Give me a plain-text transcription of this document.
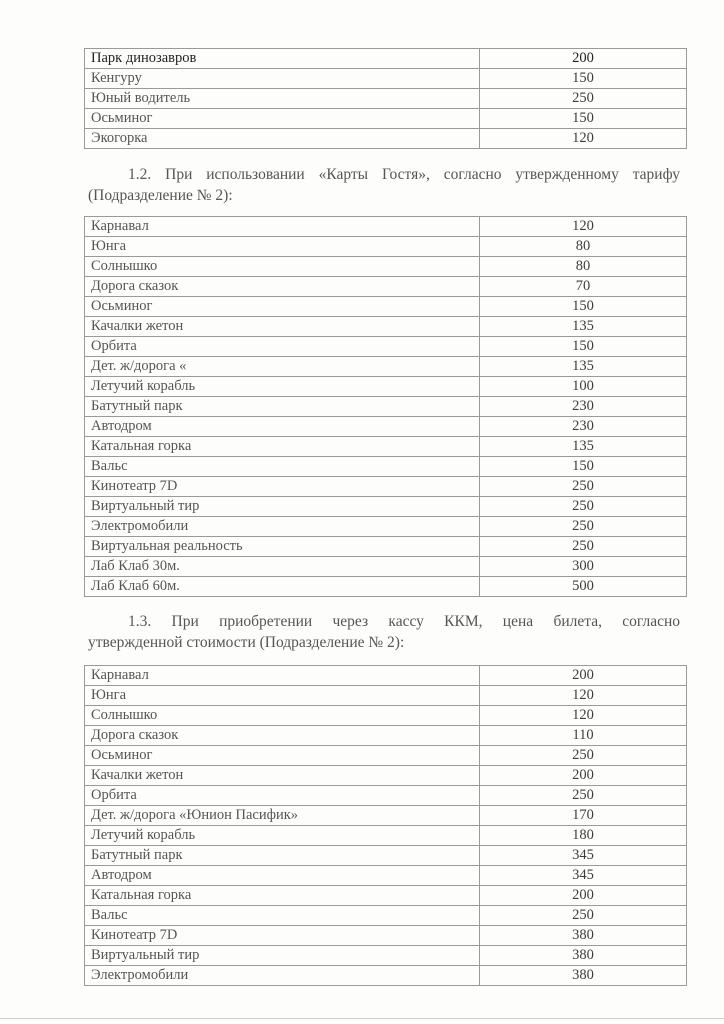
Парк динозавров	200
Кенгуру	150
Юный водитель	250
Осьминог	150
Экогорка	120

1.2. При использовании «Карты Гостя», согласно утвержденному тарифу
(Подразделение № 2):

Карнавал	120
Юнга	80
Солнышко	80
Дорога сказок	70
Осьминог	150
Качалки жетон	135
Орбита	150
Дет. ж/дорога «	135
Летучий корабль	100
Батутный парк	230
Автодром	230
Катальная горка	135
Вальс	150
Кинотеатр 7D	250
Виртуальный тир	250
Электромобили	250
Виртуальная реальность	250
Лаб Клаб 30м.	300
Лаб Клаб 60м.	500

1.3. При приобретении через кассу ККМ, цена билета, согласно
утвержденной стоимости (Подразделение № 2):

Карнавал	200
Юнга	120
Солнышко	120
Дорога сказок	110
Осьминог	250
Качалки жетон	200
Орбита	250
Дет. ж/дорога «Юнион Пасифик»	170
Летучий корабль	180
Батутный парк	345
Автодром	345
Катальная горка	200
Вальс	250
Кинотеатр 7D	380
Виртуальный тир	380
Электромобили	380
